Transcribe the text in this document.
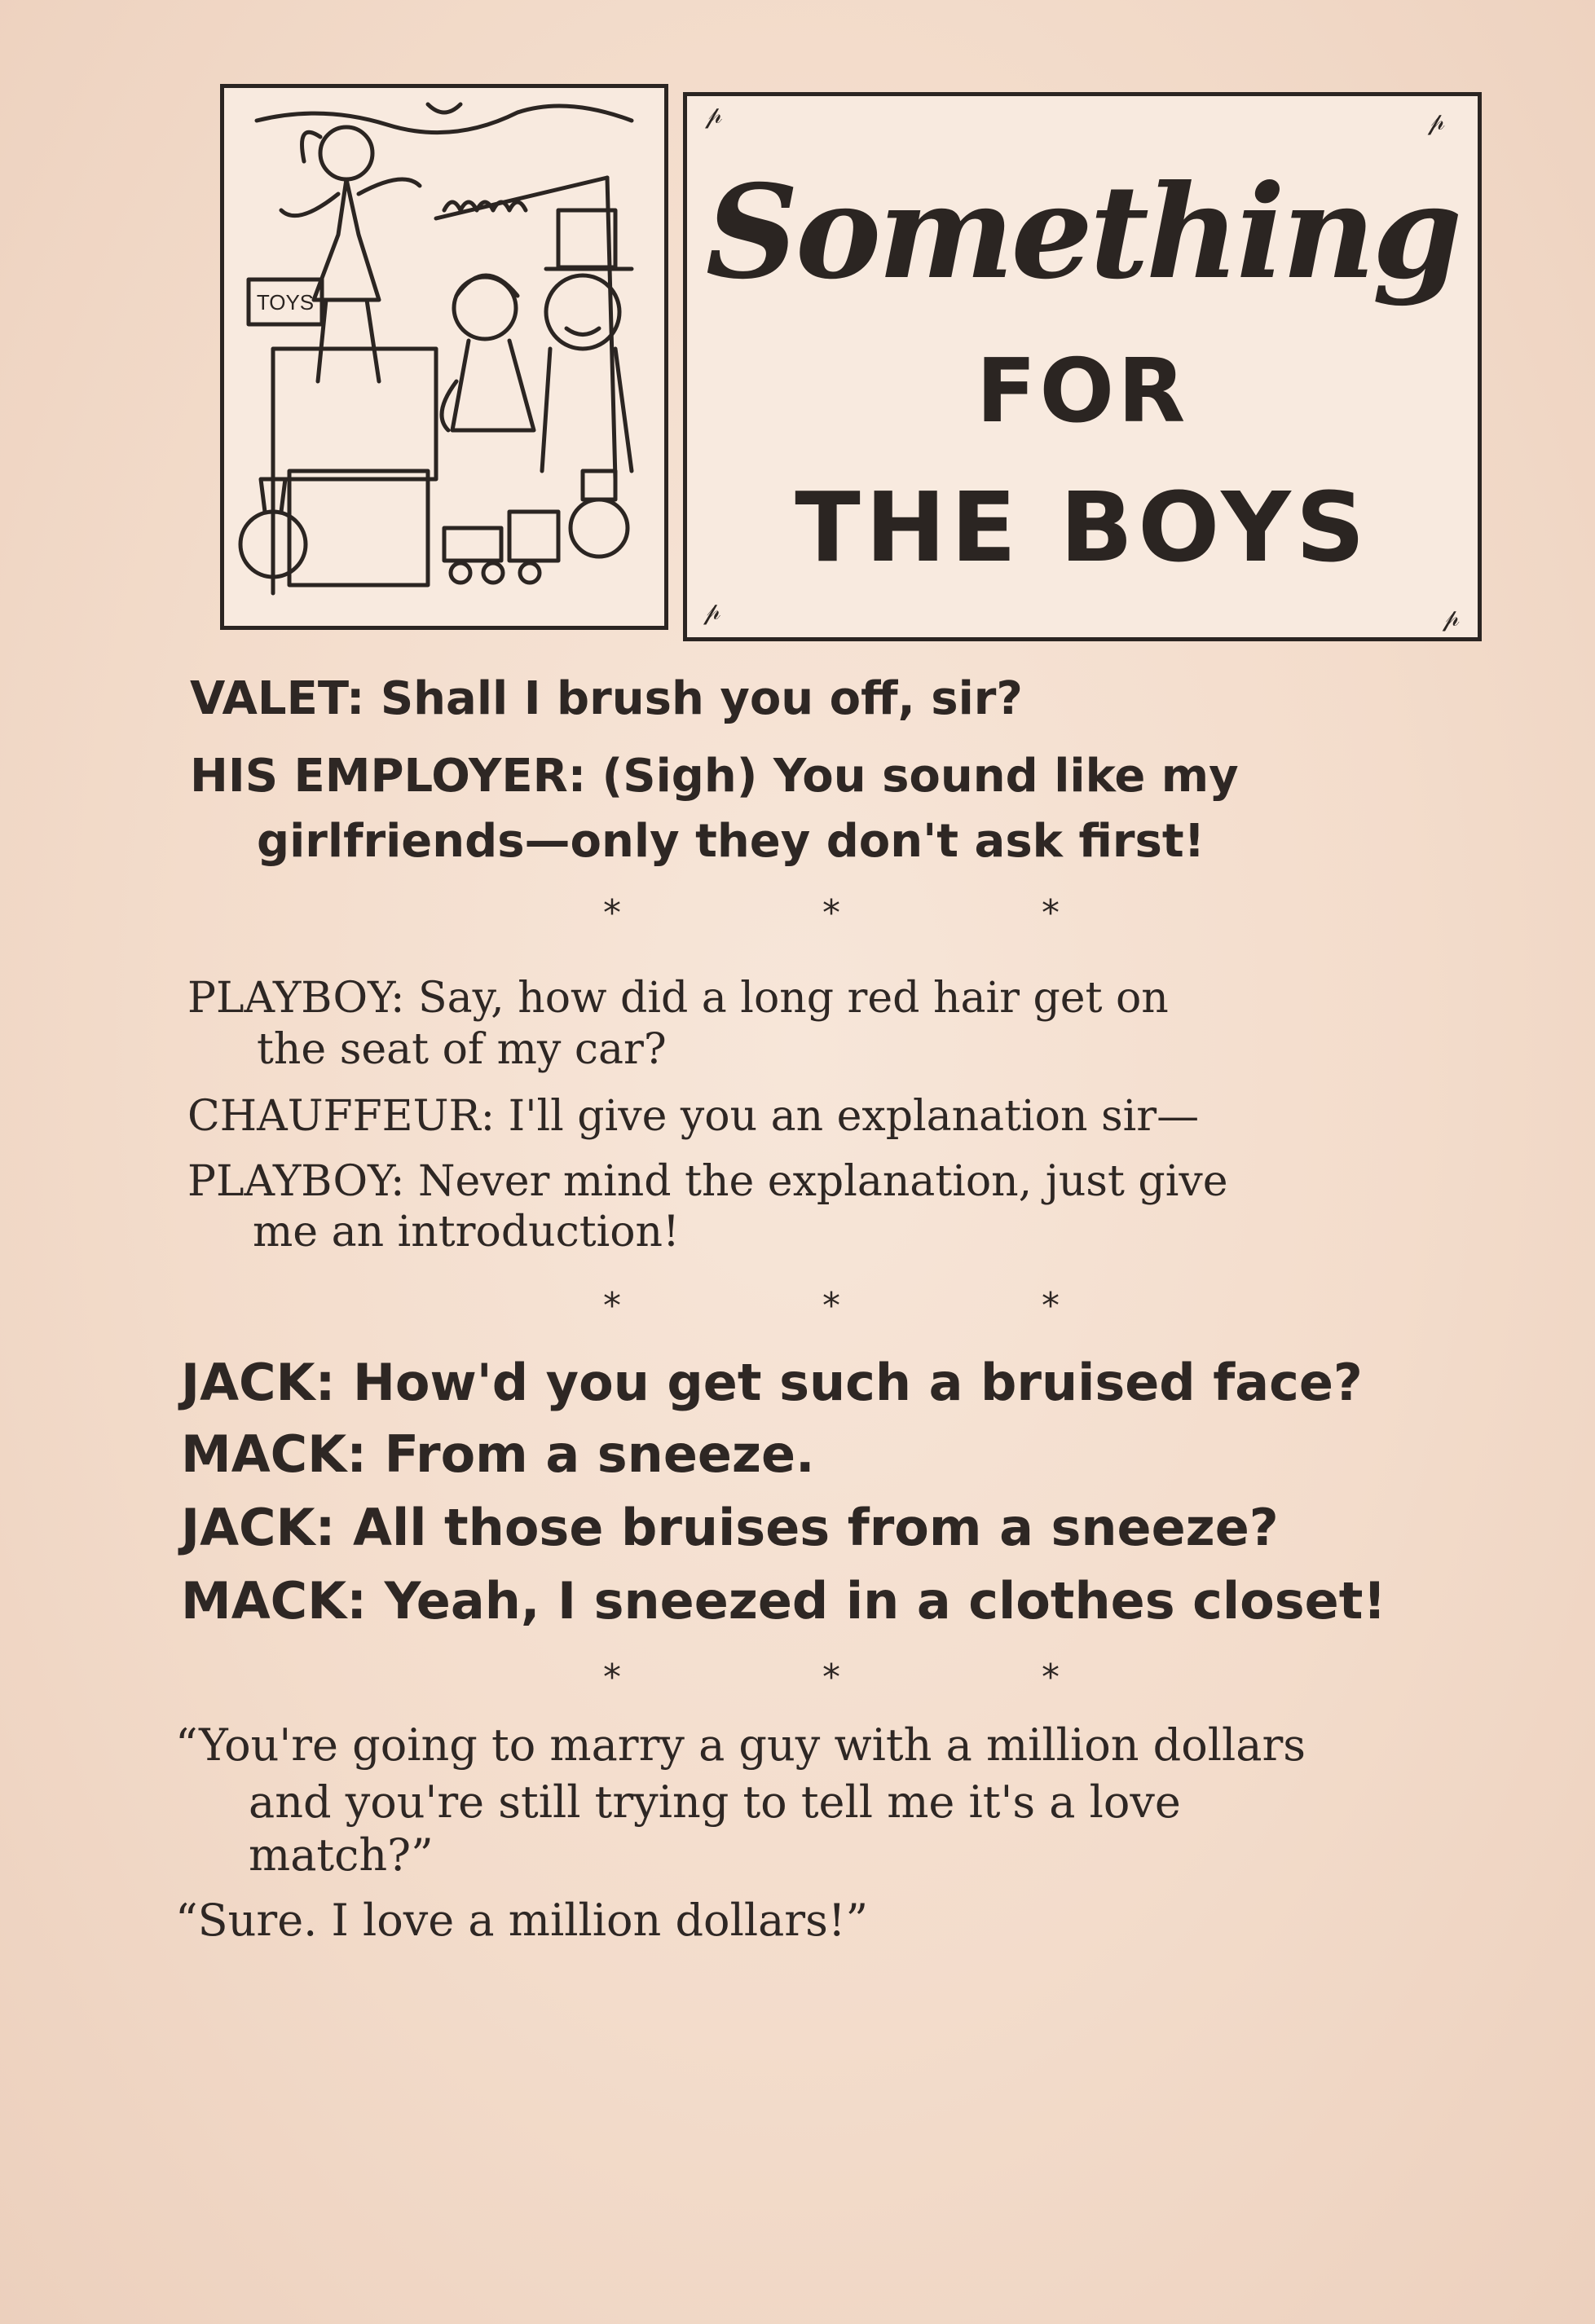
TOYS
𝓅	𝓅
𝓅	𝓅
Something
FOR
THE BOYS
VALET: Shall I brush you off, sir?
HIS EMPLOYER: (Sigh) You sound like my
girlfriends—only they don't ask first!
*	*	*
PLAYBOY: Say, how did a long red hair get on
the seat of my car?
CHAUFFEUR: I'll give you an explanation sir—
PLAYBOY: Never mind the explanation, just give
me an introduction!
*	*	*
JACK: How'd you get such a bruised face?
MACK: From a sneeze.
JACK: All those bruises from a sneeze?
MACK: Yeah, I sneezed in a clothes closet!
*	*	*
“You're going to marry a guy with a million dollars
and you're still trying to tell me it's a love
match?”
“Sure. I love a million dollars!”
